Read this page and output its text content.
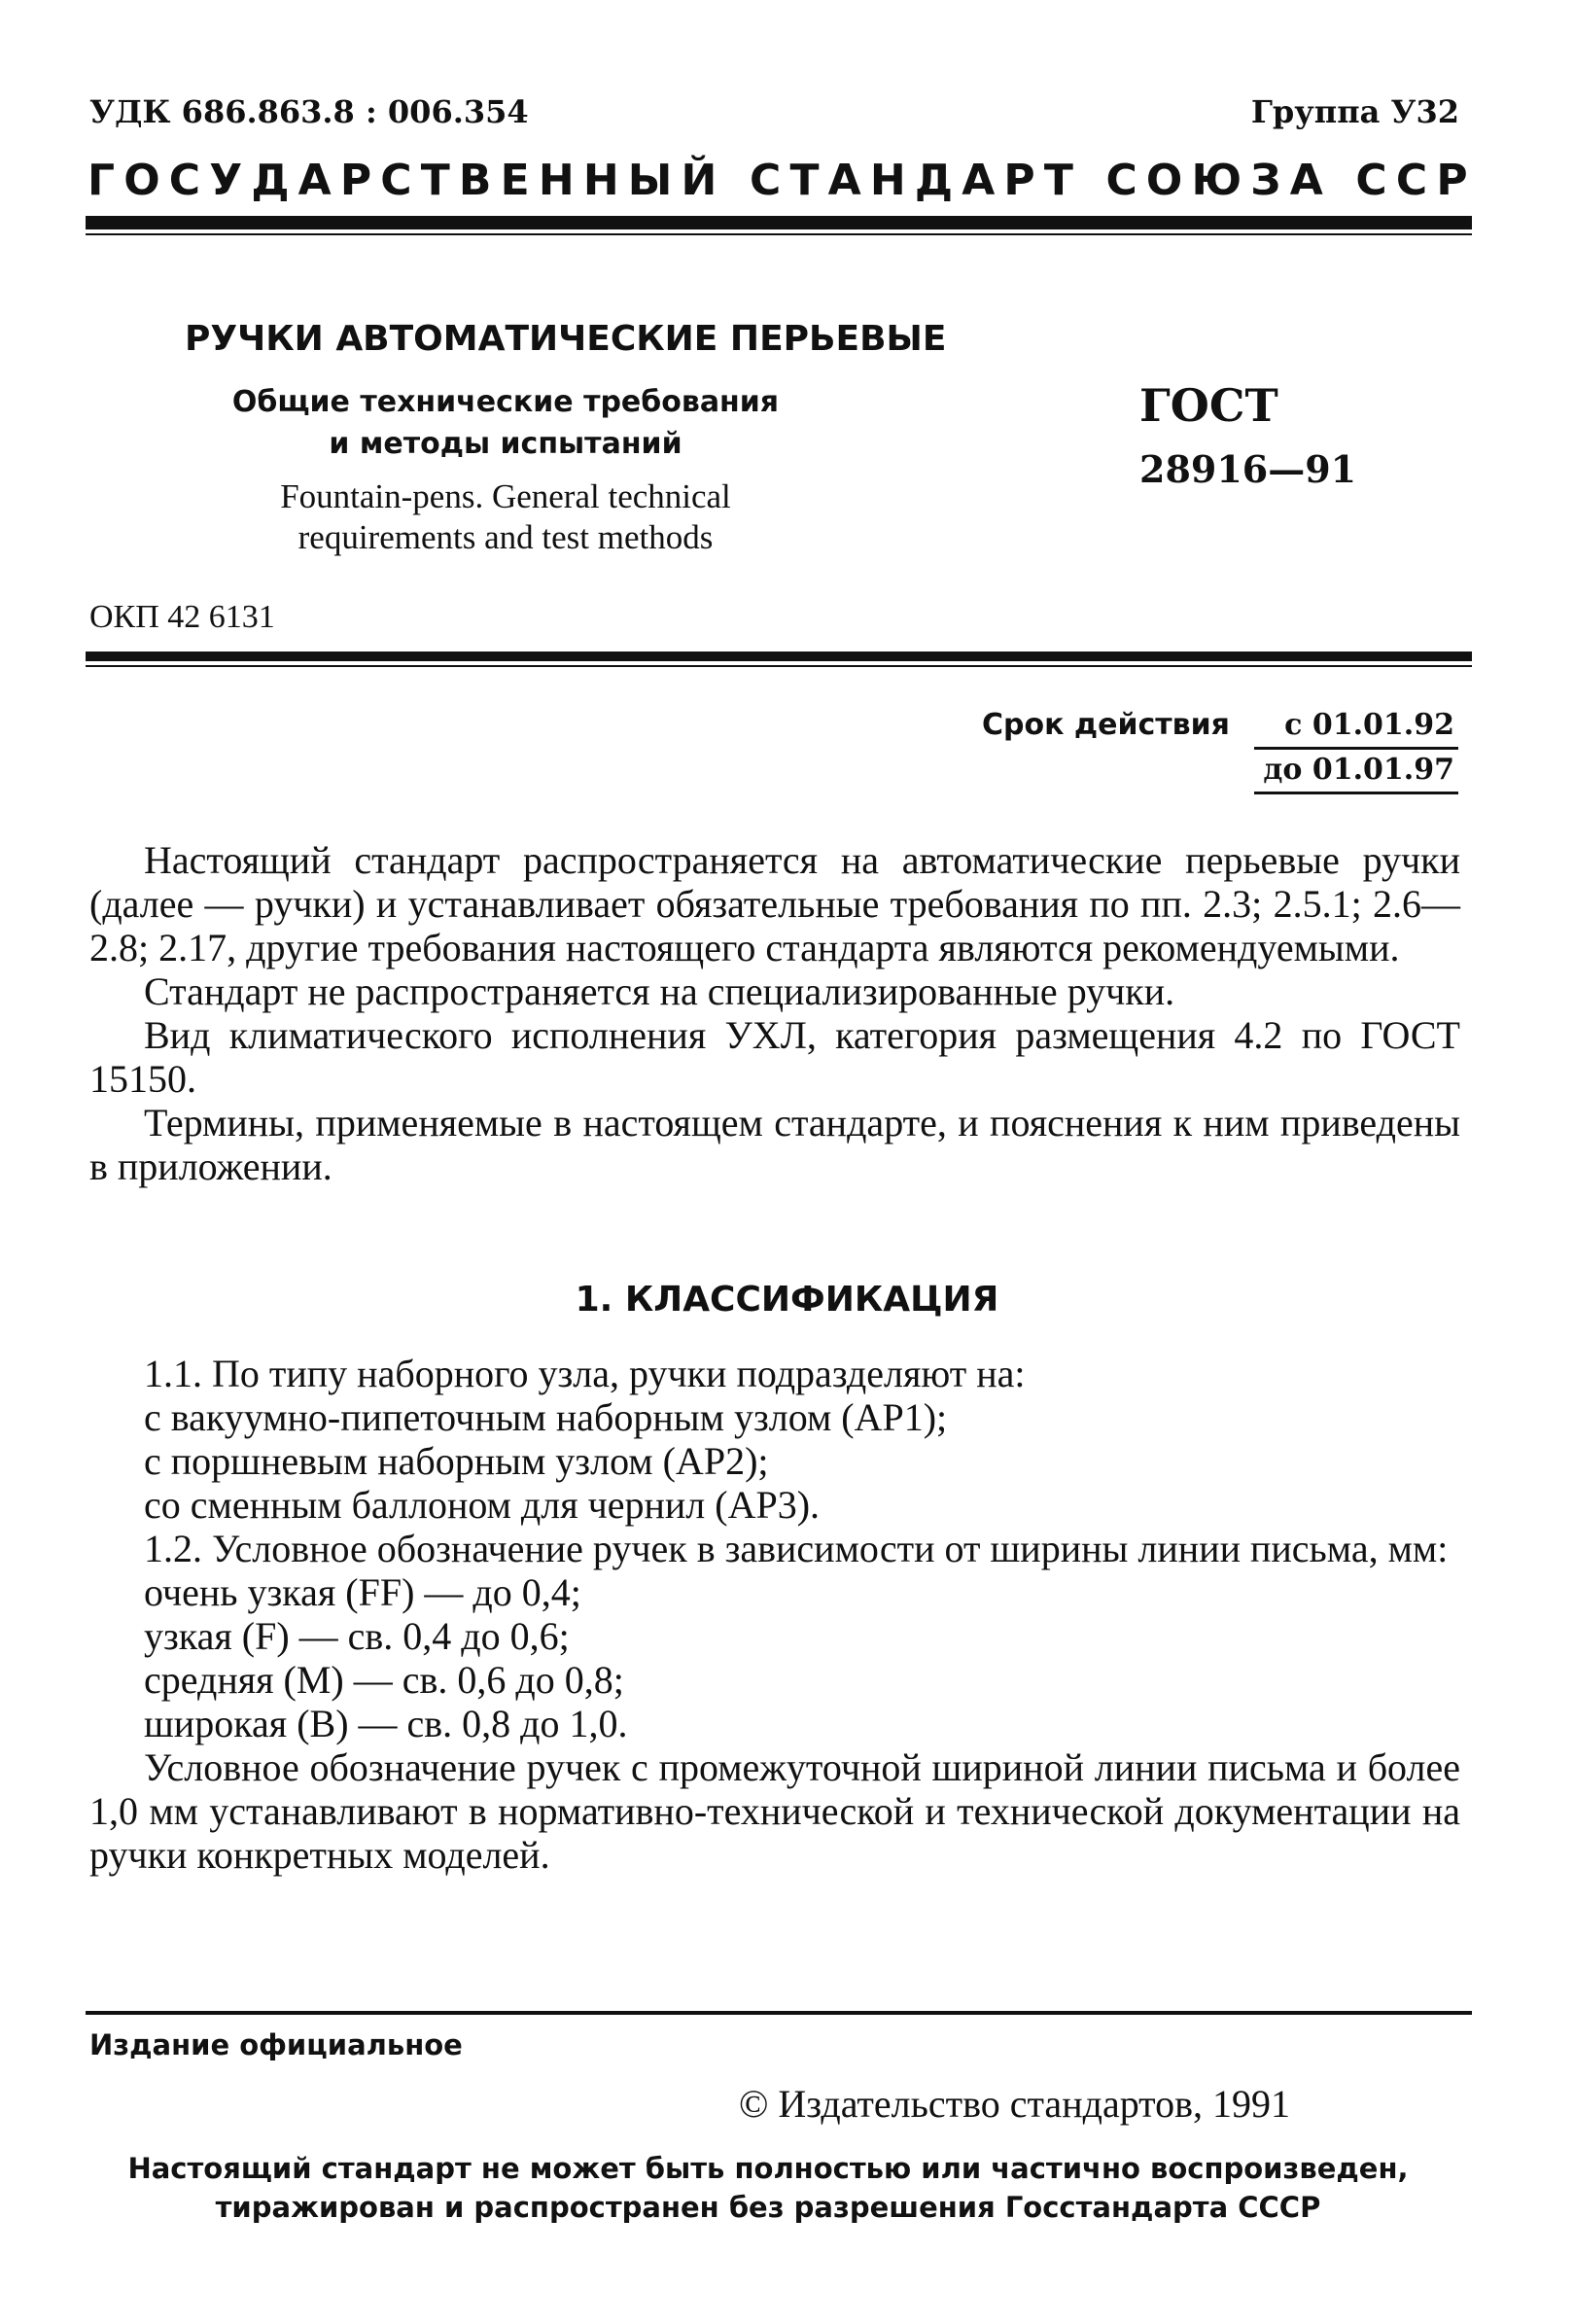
УДК 686.863.8 : 006.354	Группа У32
Г О С У Д А Р С Т В Е Н Н Ы Й
С Т А Н Д А Р Т
С О Ю З А
С С Р
РУЧКИ АВТОМАТИЧЕСКИЕ ПЕРЬЕВЫЕ
Общие технические требования
и методы испытаний
Fountain-pens. General technical
requirements and test methods
ГОСТ
28916—91
ОКП 42 6131
Срок действия	с 01.01.92
до 01.01.97

Настоящий стандарт распространяется на автоматические перьевые ручки (далее — ручки) и устанавливает обязательные требования по пп. 2.3; 2.5.1; 2.6—2.8; 2.17, другие требования настоящего стандарта являются рекомендуемыми.

Стандарт не распространяется на специализированные ручки.

Вид климатического исполнения УХЛ, категория размещения 4.2 по ГОСТ 15150.

Термины, применяемые в настоящем стандарте, и пояснения к ним приведены в приложении.

1. КЛАССИФИКАЦИЯ

1.1. По типу наборного узла, ручки подразделяют на:

с вакуумно-пипеточным наборным узлом (АР1);

с поршневым наборным узлом (АР2);

со сменным баллоном для чернил (АР3).

1.2. Условное обозначение ручек в зависимости от ширины линии письма, мм:

очень узкая (FF) — до 0,4;

узкая (F) — св. 0,4 до 0,6;

средняя (M) — св. 0,6 до 0,8;

широкая (B) — св. 0,8 до 1,0.

Условное обозначение ручек с промежуточной шириной линии письма и более 1,0 мм устанавливают в нормативно-технической и технической документации на ручки конкретных моделей.

Издание официальное
© Издательство стандартов, 1991
Настоящий стандарт не может быть полностью или частично воспроизведен, тиражирован и распространен без разрешения Госстандарта СССР
